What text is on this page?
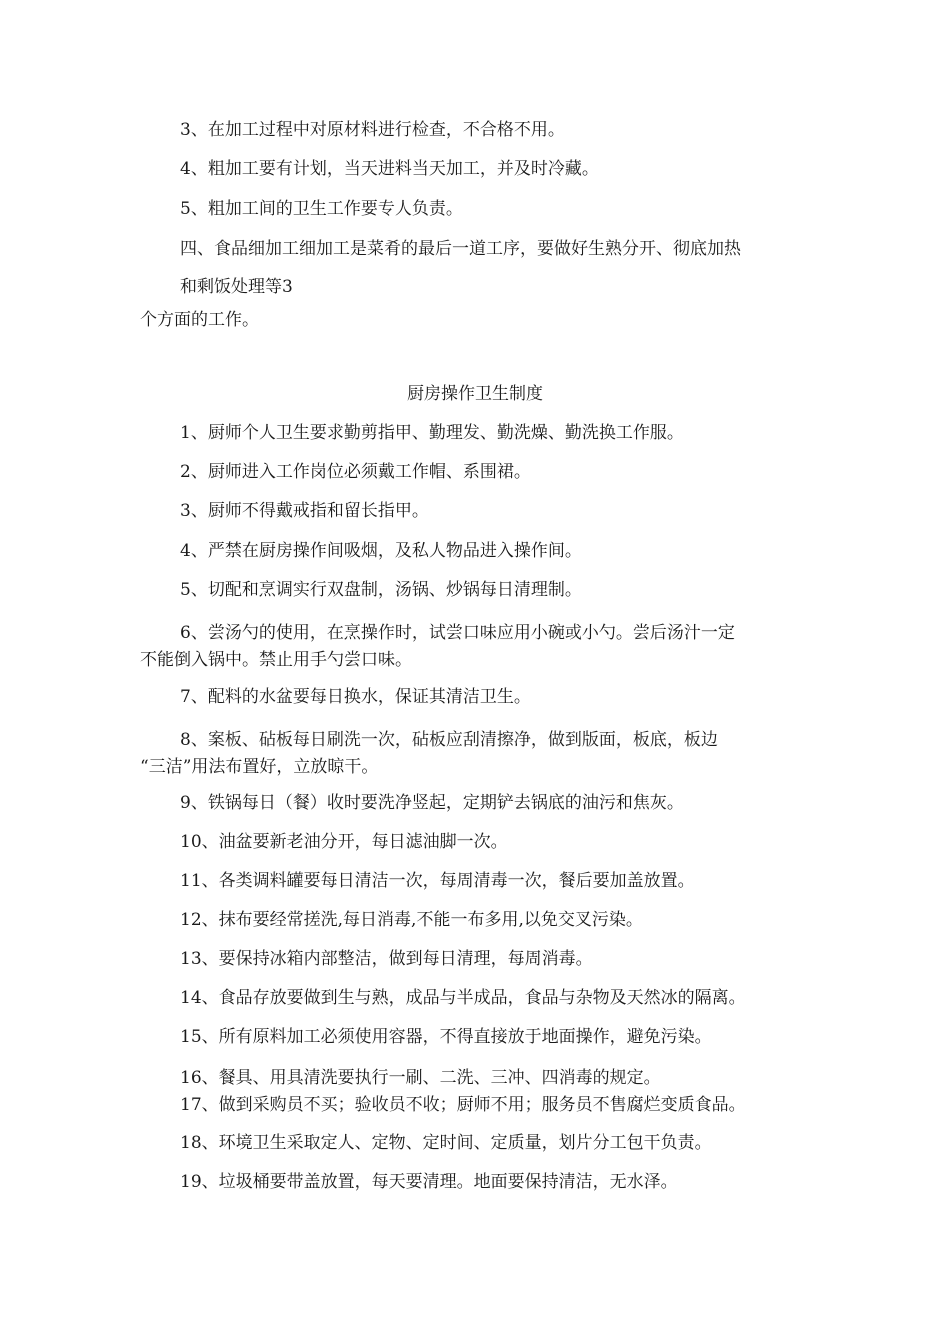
3、在加工过程中对原材料进行检查，不合格不用。
4、粗加工要有计划，当天进料当天加工，并及时冷藏。
5、粗加工间的卫生工作要专人负责。
四、食品细加工细加工是菜肴的最后一道工序，要做好生熟分开、彻底加热
和剩饭处理等3
个方面的工作。
厨房操作卫生制度
1、厨师个人卫生要求勤剪指甲、勤理发、勤洗燥、勤洗换工作服。
2、厨师进入工作岗位必须戴工作帽、系围裙。
3、厨师不得戴戒指和留长指甲。
4、严禁在厨房操作间吸烟，及私人物品进入操作间。
5、切配和烹调实行双盘制，汤锅、炒锅每日清理制。
6、尝汤勺的使用，在烹操作时，试尝口味应用小碗或小勺。尝后汤汁一定
不能倒入锅中。禁止用手勺尝口味。
7、配料的水盆要每日换水，保证其清洁卫生。
8、案板、砧板每日刷洗一次，砧板应刮清擦净，做到版面，板底，板边
“三洁”用法布置好，立放晾干。
9、铁锅每日（餐）收时要洗净竖起，定期铲去锅底的油污和焦灰。
10、油盆要新老油分开，每日滤油脚一次。
11、各类调料罐要每日清洁一次，每周清毒一次，餐后要加盖放置。
12、抹布要经常搓洗,每日消毒,不能一布多用,以免交叉污染。
13、要保持冰箱内部整洁，做到每日清理，每周消毒。
14、食品存放要做到生与熟，成品与半成品，食品与杂物及天然冰的隔离。
15、所有原料加工必须使用容器，不得直接放于地面操作，避免污染。
16、餐具、用具清洗要执行一刷、二洗、三冲、四消毒的规定。
17、做到采购员不买；验收员不收；厨师不用；服务员不售腐烂变质食品。
18、环境卫生采取定人、定物、定时间、定质量，划片分工包干负责。
19、垃圾桶要带盖放置，每天要清理。地面要保持清洁，无水泽。
